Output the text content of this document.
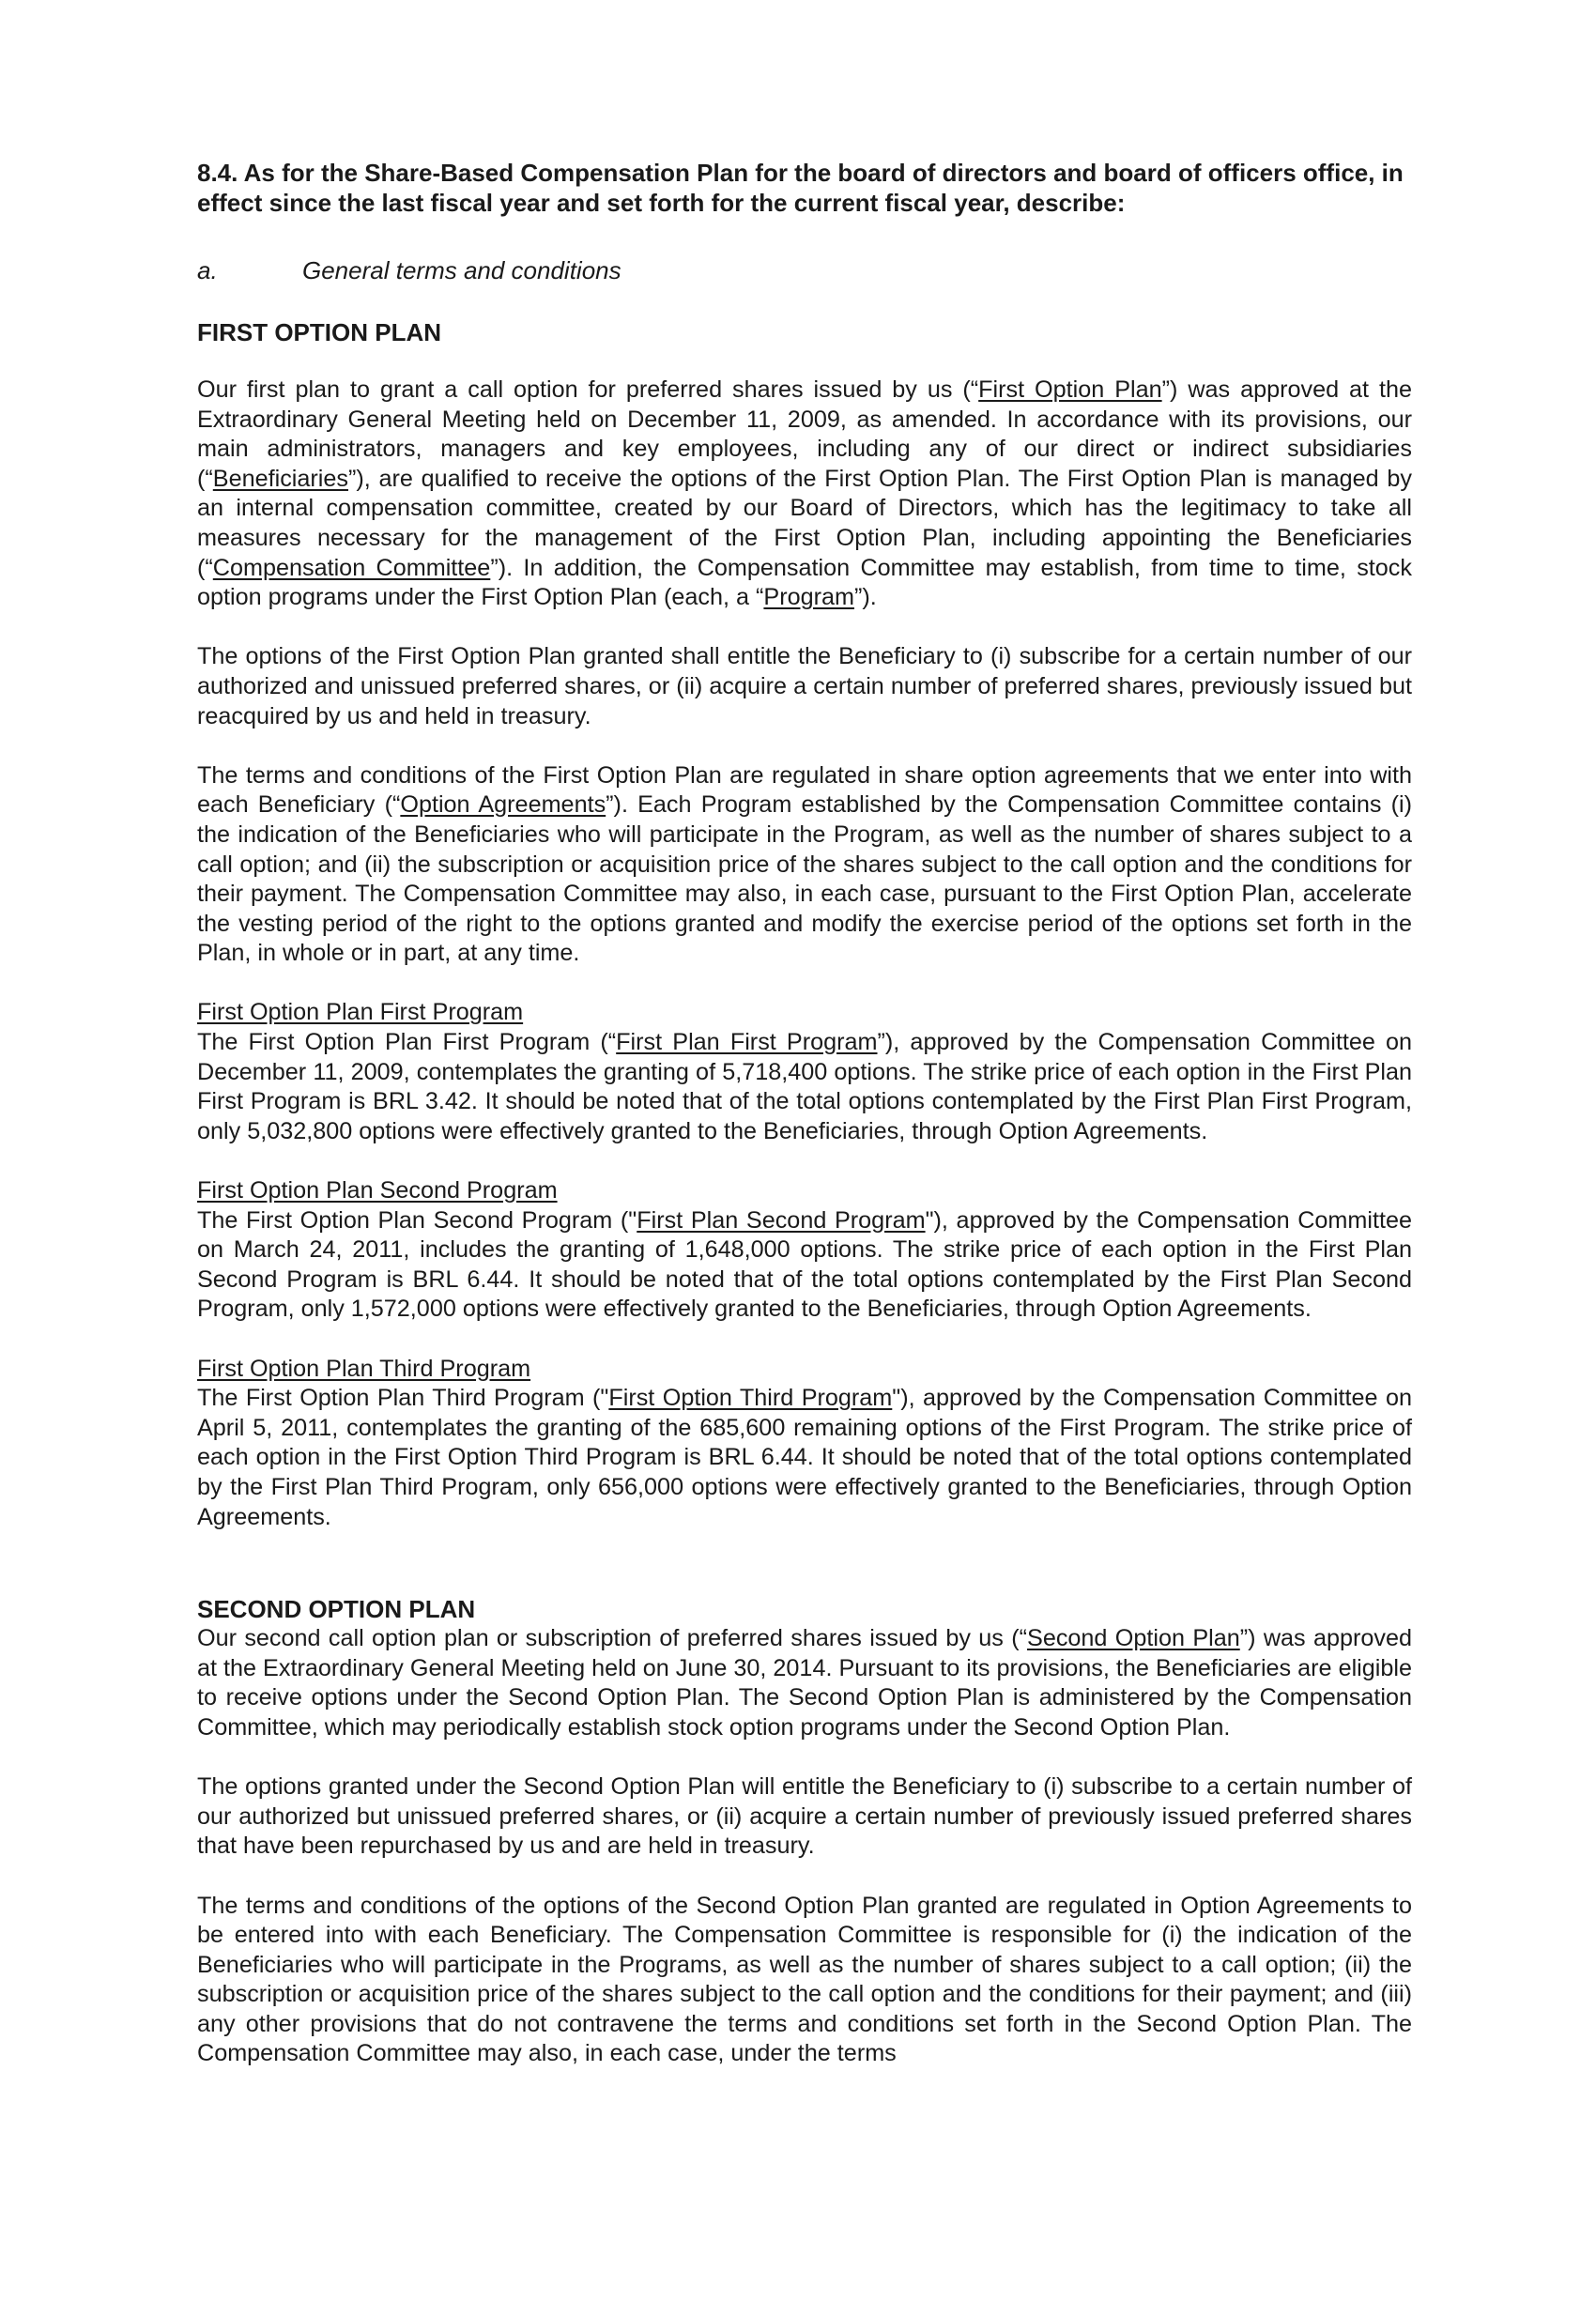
8.4. As for the Share-Based Compensation Plan for the board of directors and board of officers office, in effect since the last fiscal year and set forth for the current fiscal year, describe:
a.	General terms and conditions
FIRST OPTION PLAN

Our first plan to grant a call option for preferred shares issued by us (“First Option Plan”) was approved at the Extraordinary General Meeting held on December 11, 2009, as amended. In accordance with its provisions, our main administrators, managers and key employees, including any of our direct or indirect subsidiaries (“Beneficiaries”), are qualified to receive the options of the First Option Plan. The First Option Plan is managed by an internal compensation committee, created by our Board of Directors, which has the legitimacy to take all measures necessary for the management of the First Option Plan, including appointing the Beneficiaries (“Compensation Committee”). In addition, the Compensation Committee may establish, from time to time, stock option programs under the First Option Plan (each, a “Program”).

The options of the First Option Plan granted shall entitle the Beneficiary to (i) subscribe for a certain number of our authorized and unissued preferred shares, or (ii) acquire a certain number of preferred shares, previously issued but reacquired by us and held in treasury.

The terms and conditions of the First Option Plan are regulated in share option agreements that we enter into with each Beneficiary (“Option Agreements”). Each Program established by the Compensation Committee contains (i) the indication of the Beneficiaries who will participate in the Program, as well as the number of shares subject to a call option; and (ii) the subscription or acquisition price of the shares subject to the call option and the conditions for their payment. The Compensation Committee may also, in each case, pursuant to the First Option Plan, accelerate the vesting period of the right to the options granted and modify the exercise period of the options set forth in the Plan, in whole or in part, at any time.

First Option Plan First Program
The First Option Plan First Program (“First Plan First Program”), approved by the Compensation Committee on December 11, 2009, contemplates the granting of 5,718,400 options. The strike price of each option in the First Plan First Program is BRL 3.42. It should be noted that of the total options contemplated by the First Plan First Program, only 5,032,800 options were effectively granted to the Beneficiaries, through Option Agreements.

First Option Plan Second Program
The First Option Plan Second Program ("First Plan Second Program"), approved by the Compensation Committee on March 24, 2011, includes the granting of 1,648,000 options. The strike price of each option in the First Plan Second Program is BRL 6.44. It should be noted that of the total options contemplated by the First Plan Second Program, only 1,572,000 options were effectively granted to the Beneficiaries, through Option Agreements.

First Option Plan Third Program
The First Option Plan Third Program ("First Option Third Program"), approved by the Compensation Committee on April 5, 2011, contemplates the granting of the 685,600 remaining options of the First Program. The strike price of each option in the First Option Third Program is BRL 6.44. It should be noted that of the total options contemplated by the First Plan Third Program, only 656,000 options were effectively granted to the Beneficiaries, through Option Agreements.

SECOND OPTION PLAN

Our second call option plan or subscription of preferred shares issued by us (“Second Option Plan”) was approved at the Extraordinary General Meeting held on June 30, 2014. Pursuant to its provisions, the Beneficiaries are eligible to receive options under the Second Option Plan. The Second Option Plan is administered by the Compensation Committee, which may periodically establish stock option programs under the Second Option Plan.

The options granted under the Second Option Plan will entitle the Beneficiary to (i) subscribe to a certain number of our authorized but unissued preferred shares, or (ii) acquire a certain number of previously issued preferred shares that have been repurchased by us and are held in treasury.

The terms and conditions of the options of the Second Option Plan granted are regulated in Option Agreements to be entered into with each Beneficiary. The Compensation Committee is responsible for (i) the indication of the Beneficiaries who will participate in the Programs, as well as the number of shares subject to a call option; (ii) the subscription or acquisition price of the shares subject to the call option and the conditions for their payment; and (iii) any other provisions that do not contravene the terms and conditions set forth in the Second Option Plan. The Compensation Committee may also, in each case, under the terms
